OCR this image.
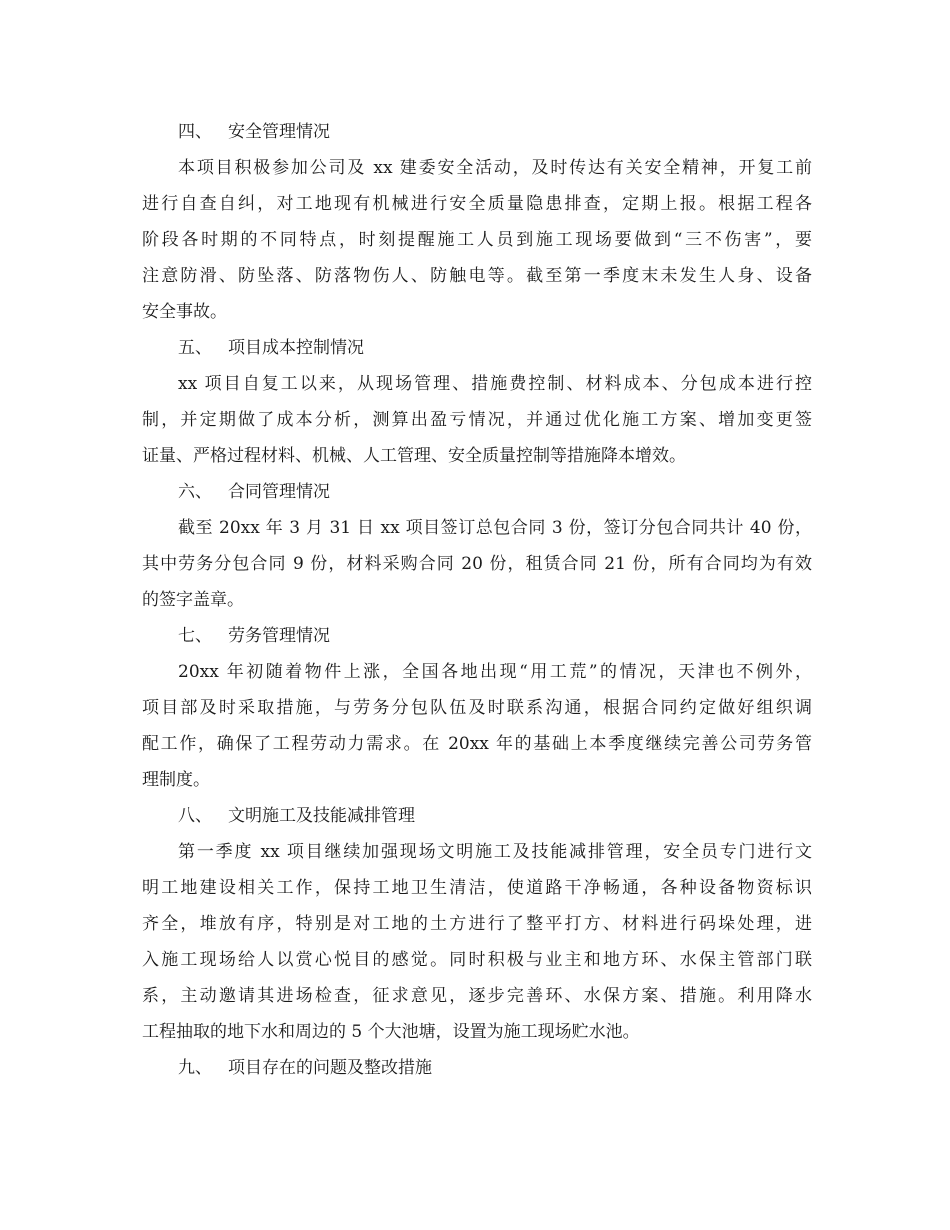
四、 安全管理情况
本项目积极参加公司及 xx 建委安全活动，及时传达有关安全精神，开复工前
进行自查自纠，对工地现有机械进行安全质量隐患排查，定期上报。根据工程各
阶段各时期的不同特点，时刻提醒施工人员到施工现场要做到“三不伤害”，要
注意防滑、防坠落、防落物伤人、防触电等。截至第一季度末未发生人身、设备
安全事故。
五、 项目成本控制情况
xx 项目自复工以来，从现场管理、措施费控制、材料成本、分包成本进行控
制，并定期做了成本分析，测算出盈亏情况，并通过优化施工方案、增加变更签
证量、严格过程材料、机械、人工管理、安全质量控制等措施降本增效。
六、 合同管理情况
截至 20xx 年 3 月 31 日 xx 项目签订总包合同 3 份，签订分包合同共计 40 份，
其中劳务分包合同 9 份，材料采购合同 20 份，租赁合同 21 份，所有合同均为有效
的签字盖章。
七、 劳务管理情况
20xx 年初随着物件上涨，全国各地出现“用工荒”的情况，天津也不例外，
项目部及时采取措施，与劳务分包队伍及时联系沟通，根据合同约定做好组织调
配工作，确保了工程劳动力需求。在 20xx 年的基础上本季度继续完善公司劳务管
理制度。
八、 文明施工及技能减排管理
第一季度 xx 项目继续加强现场文明施工及技能减排管理，安全员专门进行文
明工地建设相关工作，保持工地卫生清洁，使道路干净畅通，各种设备物资标识
齐全，堆放有序，特别是对工地的土方进行了整平打方、材料进行码垛处理，进
入施工现场给人以赏心悦目的感觉。同时积极与业主和地方环、水保主管部门联
系，主动邀请其进场检查，征求意见，逐步完善环、水保方案、措施。利用降水
工程抽取的地下水和周边的 5 个大池塘，设置为施工现场贮水池。
九、 项目存在的问题及整改措施
